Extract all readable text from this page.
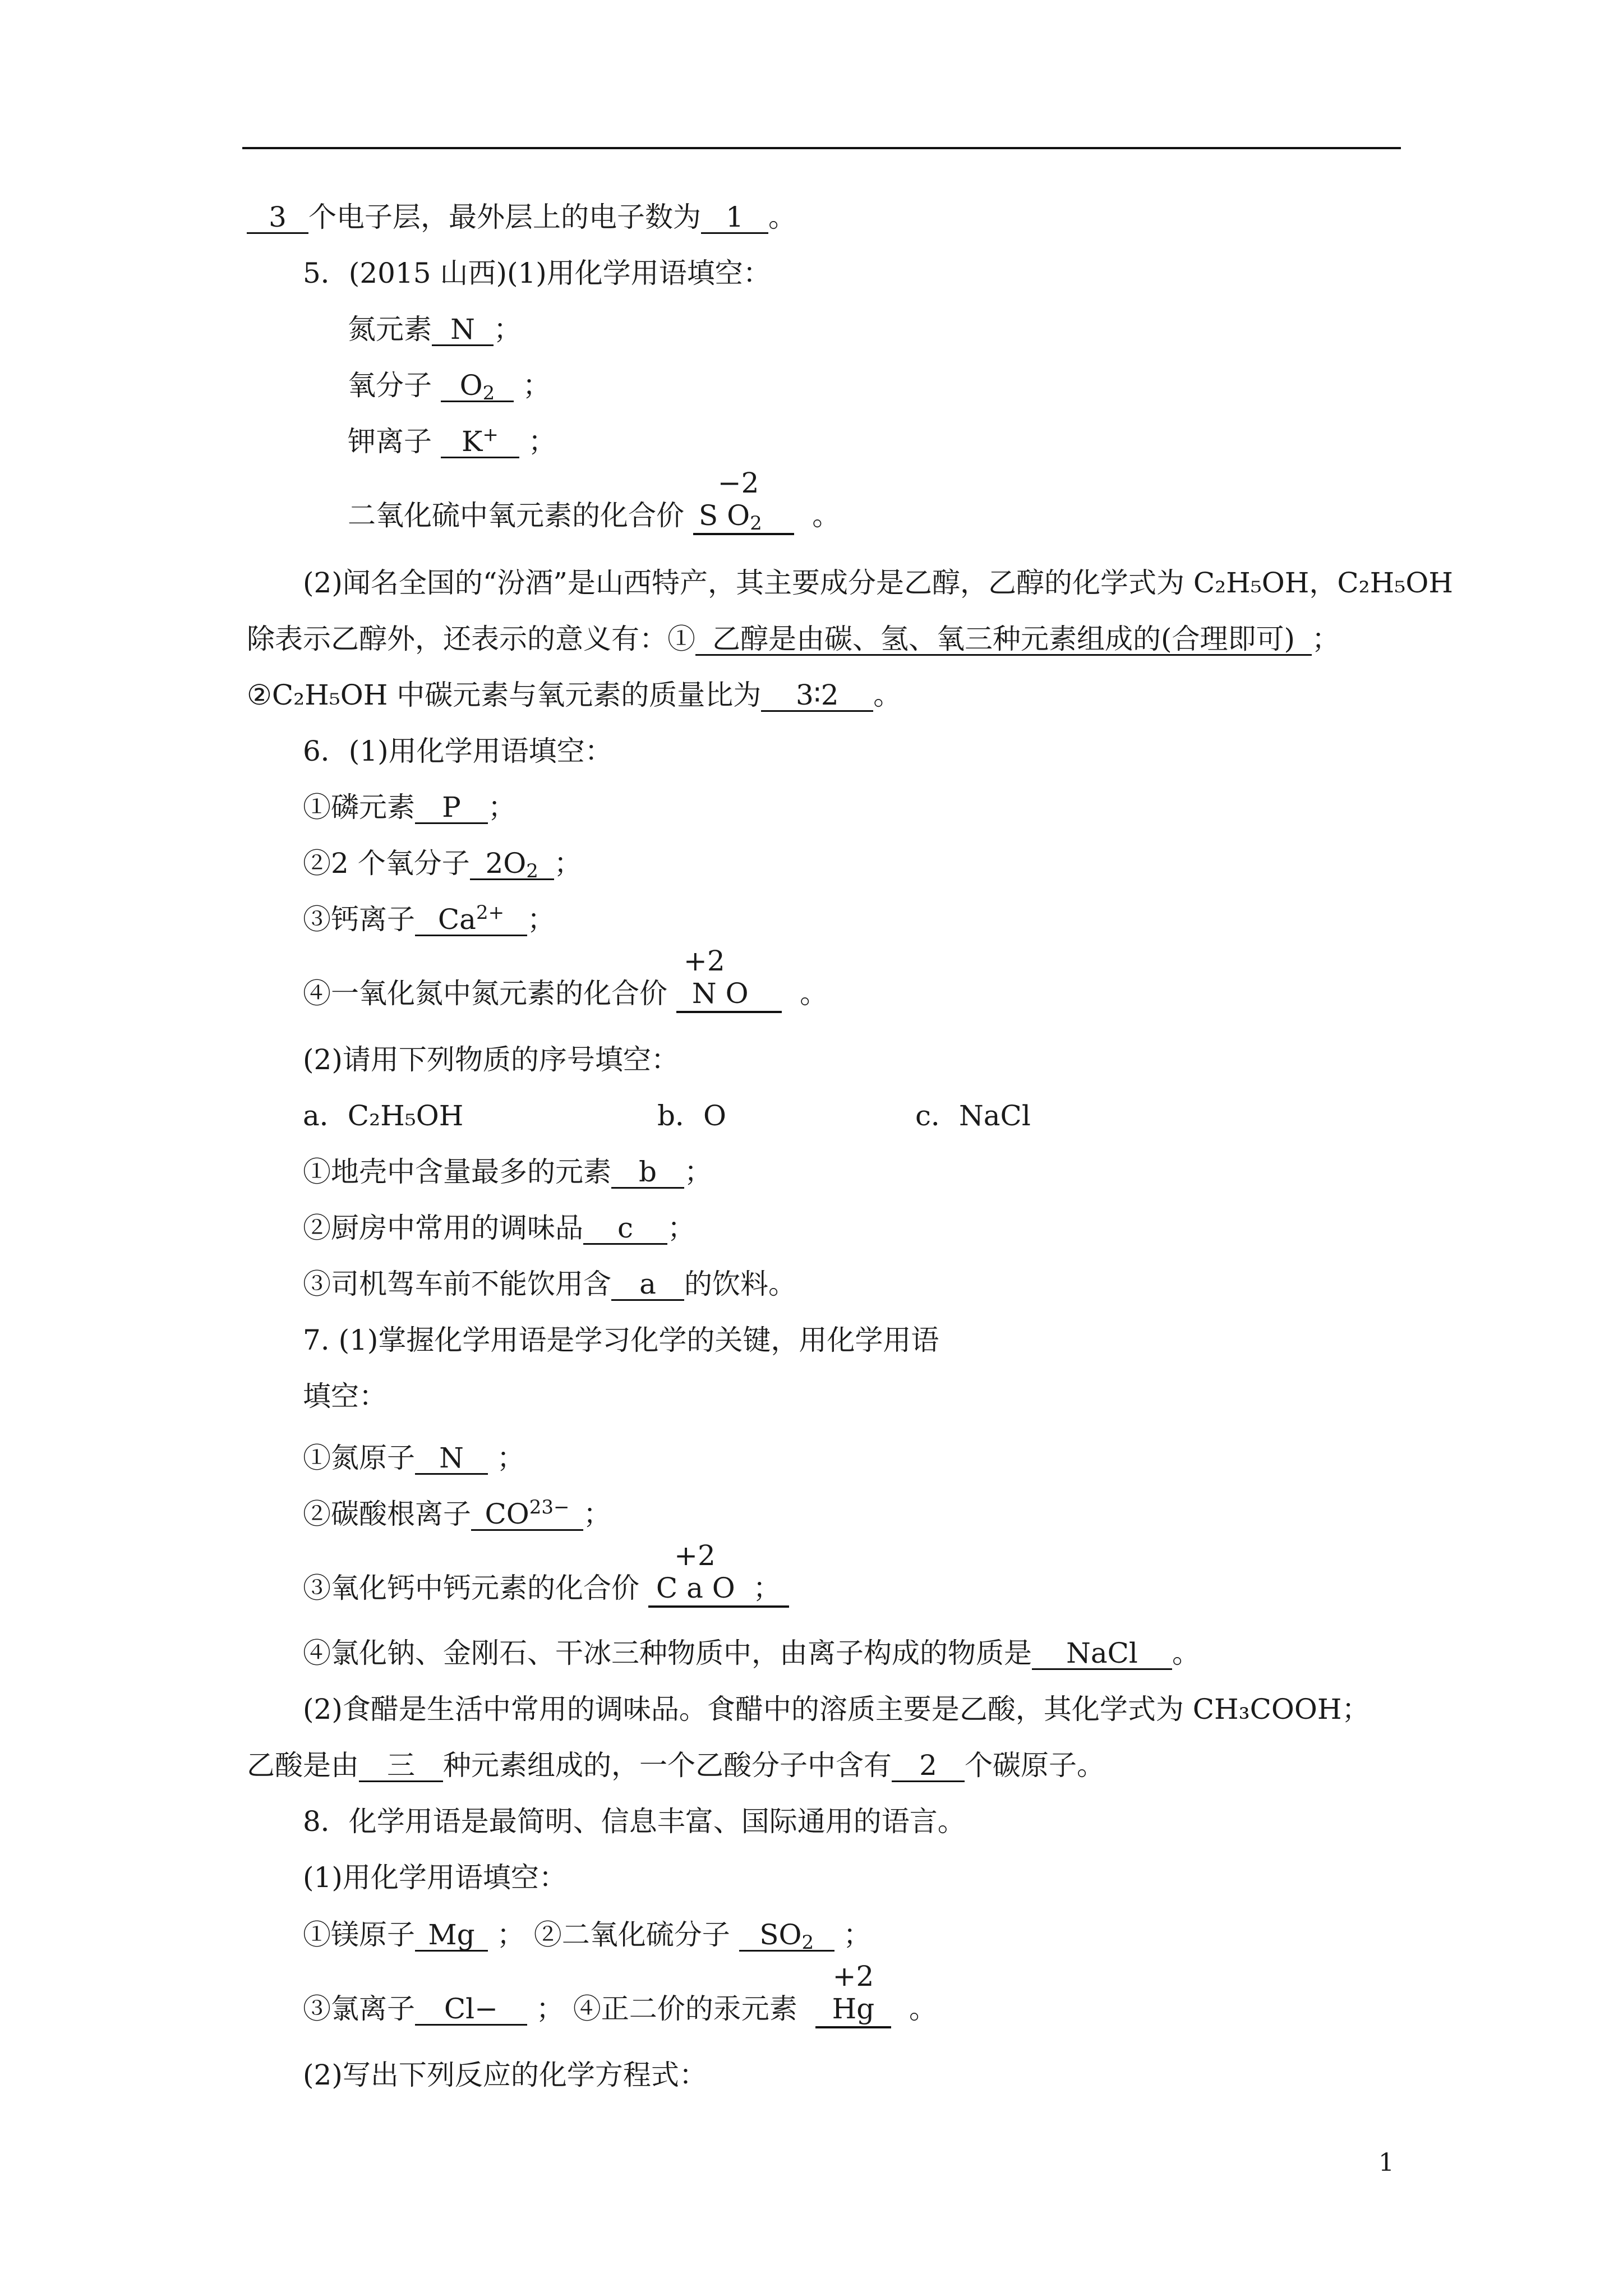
3 个电子层，最外层上的电子数为 1 。
5．(2015 山西)(1)用化学用语填空：
氮元素 N ；
氧分子 $O_2$ ；
钾离子 K+ ；
二氧化硫中氧元素的化合价 S
−2
$O_2$ 。
(2)闻名全国的“汾酒”是山西特产，其主要成分是乙醇，乙醇的化学式为 C₂H₅OH，C₂H₅OH
除表示乙醇外，还表示的意义有：① 乙醇是由碳、氢、氧三种元素组成的(合理即可) ；
②C₂H₅OH 中碳元素与氧元素的质量比为 3∶2 。
6．(1)用化学用语填空：
①磷元素 P ；
②2 个氧分子 $2O_2$ ；
③钙离子 $Ca^{2+}$ ；
④一氧化氮中氮元素的化合价
+2
N O 。
(2)请用下列物质的序号填空：
a．C₂H₅OH	b．O	c．NaCl
①地壳中含量最多的元素 b ；
②厨房中常用的调味品 c ；
③司机驾车前不能饮用含 a 的饮料。
7. (1)掌握化学用语是学习化学的关键，用化学用语
填空：
①氮原子 N ；
②碳酸根离子 $CO^{23-}$ ；
③氧化钙中钙元素的化合价 C
+2
a O ；
④氯化钠、金刚石、干冰三种物质中，由离子构成的物质是 NaCl 。
(2)食醋是生活中常用的调味品。食醋中的溶质主要是乙酸，其化学式为 CH₃COOH；
乙酸是由 三 种元素组成的，一个乙酸分子中含有 2 个碳原子。
8．化学用语是最简明、信息丰富、国际通用的语言。
(1)用化学用语填空：
①镁原子 Mg ； ②二氧化硫分子 $SO_2$ ；
③氯离子 Cl− ； ④正二价的汞元素
+2
Hg 。
(2)写出下列反应的化学方程式：
1
